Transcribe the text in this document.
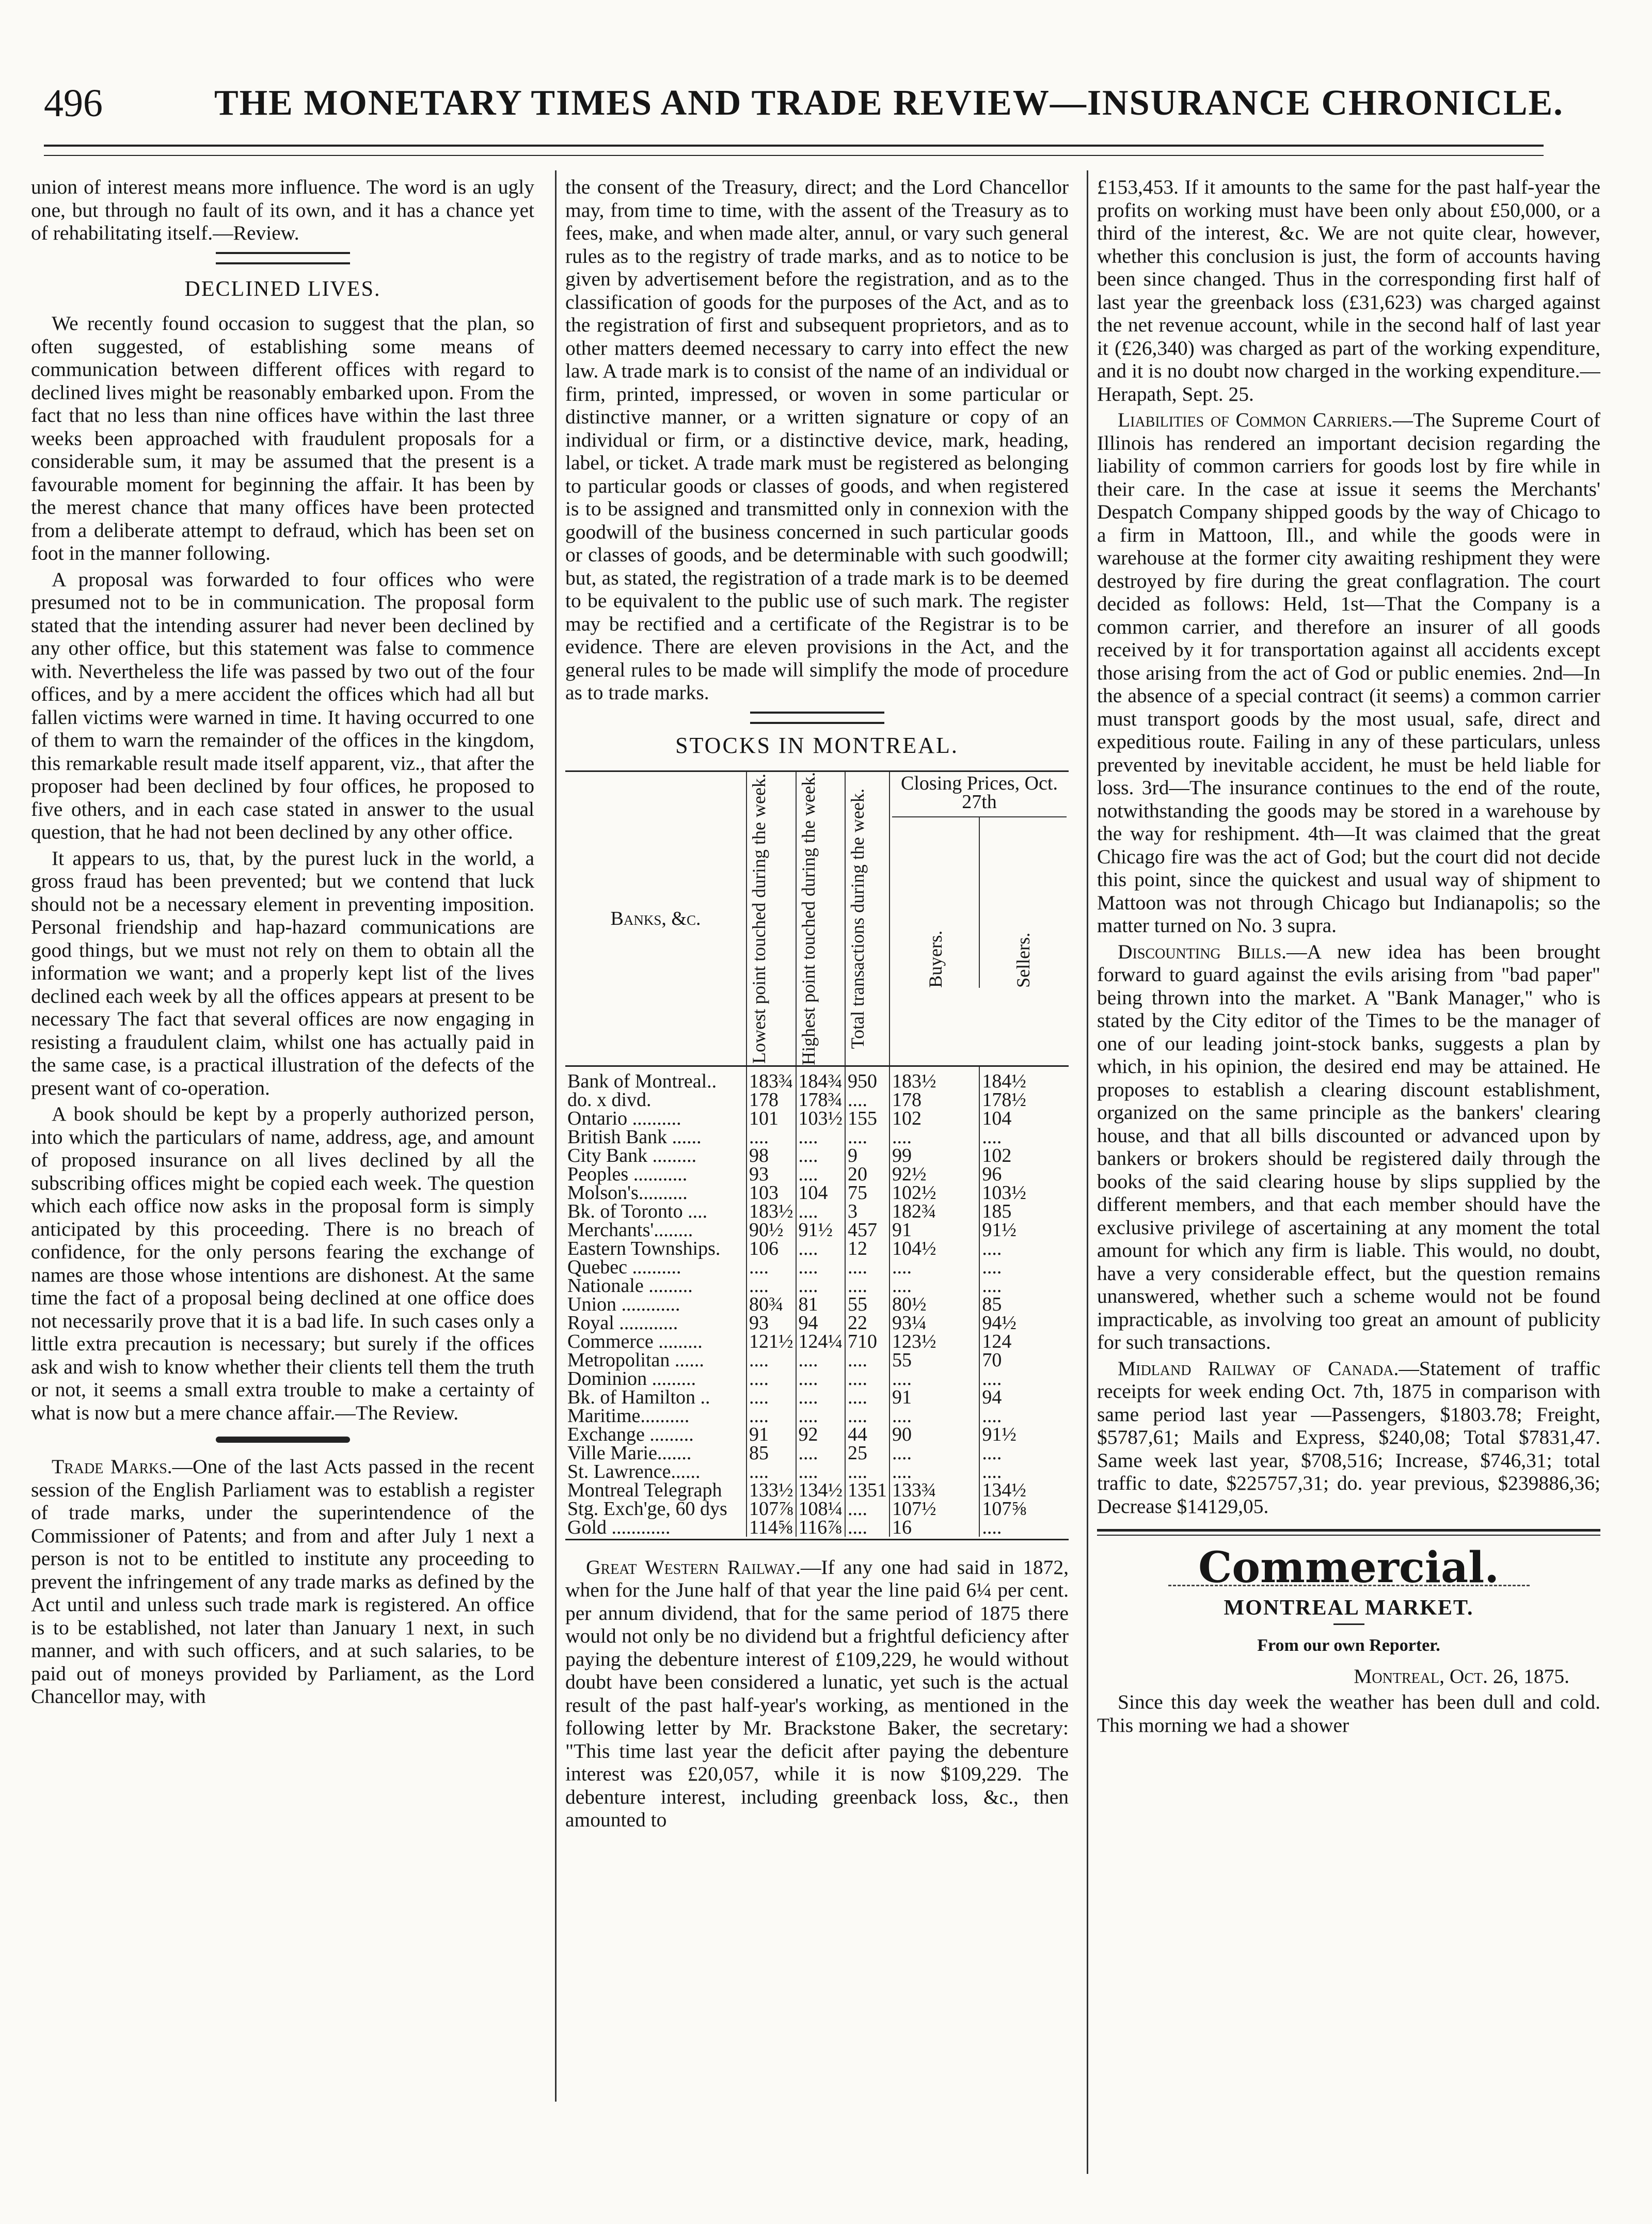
496	THE MONETARY TIMES AND TRADE REVIEW—INSURANCE CHRONICLE.

union of interest means more influence. The word is an ugly one, but through no fault of its own, and it has a chance yet of rehabilitating itself.—Review.

DECLINED LIVES.

We recently found occasion to suggest that the plan, so often suggested, of establishing some means of communication between different offices with regard to declined lives might be reasonably embarked upon. From the fact that no less than nine offices have within the last three weeks been approached with fraudulent proposals for a considerable sum, it may be assumed that the present is a favourable moment for beginning the affair. It has been by the merest chance that many offices have been protected from a deliberate attempt to defraud, which has been set on foot in the manner following.

A proposal was forwarded to four offices who were presumed not to be in communication. The proposal form stated that the intending assurer had never been declined by any other office, but this statement was false to commence with. Nevertheless the life was passed by two out of the four offices, and by a mere accident the offices which had all but fallen victims were warned in time. It having occurred to one of them to warn the remainder of the offices in the kingdom, this remarkable result made itself apparent, viz., that after the proposer had been declined by four offices, he proposed to five others, and in each case stated in answer to the usual question, that he had not been declined by any other office.

It appears to us, that, by the purest luck in the world, a gross fraud has been prevented; but we contend that luck should not be a necessary element in preventing imposition. Personal friendship and hap-hazard communications are good things, but we must not rely on them to obtain all the information we want; and a properly kept list of the lives declined each week by all the offices appears at present to be necessary The fact that several offices are now engaging in resisting a fraudulent claim, whilst one has actually paid in the same case, is a practical illustration of the defects of the present want of co-operation.

A book should be kept by a properly authorized person, into which the particulars of name, address, age, and amount of proposed insurance on all lives declined by all the subscribing offices might be copied each week. The question which each office now asks in the proposal form is simply anticipated by this proceeding. There is no breach of confidence, for the only persons fearing the exchange of names are those whose intentions are dishonest. At the same time the fact of a proposal being declined at one office does not necessarily prove that it is a bad life. In such cases only a little extra precaution is necessary; but surely if the offices ask and wish to know whether their clients tell them the truth or not, it seems a small extra trouble to make a certainty of what is now but a mere chance affair.—The Review.

Trade Marks.—One of the last Acts passed in the recent session of the English Parliament was to establish a register of trade marks, under the superintendence of the Commissioner of Patents; and from and after July 1 next a person is not to be entitled to institute any proceeding to prevent the infringement of any trade marks as defined by the Act until and unless such trade mark is registered. An office is to be established, not later than January 1 next, in such manner, and with such officers, and at such salaries, to be paid out of moneys provided by Parliament, as the Lord Chancellor may, with

the consent of the Treasury, direct; and the Lord Chancellor may, from time to time, with the assent of the Treasury as to fees, make, and when made alter, annul, or vary such general rules as to the registry of trade marks, and as to notice to be given by advertisement before the registration, and as to the classification of goods for the purposes of the Act, and as to the registration of first and subsequent proprietors, and as to other matters deemed necessary to carry into effect the new law. A trade mark is to consist of the name of an individual or firm, printed, impressed, or woven in some particular or distinctive manner, or a written signature or copy of an individual or firm, or a distinctive device, mark, heading, label, or ticket. A trade mark must be registered as belonging to particular goods or classes of goods, and when registered is to be assigned and transmitted only in connexion with the goodwill of the business concerned in such particular goods or classes of goods, and be determinable with such goodwill; but, as stated, the registration of a trade mark is to be deemed to be equivalent to the public use of such mark. The register may be rectified and a certificate of the Registrar is to be evidence. There are eleven provisions in the Act, and the general rules to be made will simplify the mode of procedure as to trade marks.

STOCKS IN MONTREAL.
Banks, &c.	Lowest point touched during the week.	Highest point touched during the week.	Total transactions during the week.	Closing Prices, Oct. 27th
Buyers. Sellers.	

Bank of Montreal..	183¾	184¾	950	183½	184½
do. x divd.	178	178¾	....	178	178½
Ontario ..........	101	103½	155	102	104
British Bank ......	....	....	....	....	....
City Bank .........	98	....	9	99	102
Peoples ...........	93	....	20	92½	96
Molson's..........	103	104	75	102½	103½
Bk. of Toronto ....	183½	....	3	182¾	185
Merchants'........	90½	91½	457	91	91½
Eastern Townships.	106	....	12	104½	....
Quebec ..........	....	....	....	....	....
Nationale .........	....	....	....	....	....
Union ............	80¾	81	55	80½	85
Royal ............	93	94	22	93¼	94½
Commerce .........	121½	124¼	710	123½	124
Metropolitan ......	....	....	....	55	70
Dominion .........	....	....	....	....	....
Bk. of Hamilton ..	....	....	....	91	94
Maritime..........	....	....	....	....	....
Exchange .........	91	92	44	90	91½
Ville Marie.......	85	....	25	....	....
St. Lawrence......	....	....	....	....	....
Montreal Telegraph	133½	134½	1351	133¾	134½
Stg. Exch'ge, 60 dys	107⅞	108¼	....	107½	107⅝
Gold ............	114⅝	116⅞	....	16	....

Great Western Railway.—If any one had said in 1872, when for the June half of that year the line paid 6¼ per cent. per annum dividend, that for the same period of 1875 there would not only be no dividend but a frightful deficiency after paying the debenture interest of £109,229, he would without doubt have been considered a lunatic, yet such is the actual result of the past half-year's working, as mentioned in the following letter by Mr. Brackstone Baker, the secretary: "This time last year the deficit after paying the debenture interest was £20,057, while it is now $109,229. The debenture interest, including greenback loss, &c., then amounted to

£153,453. If it amounts to the same for the past half-year the profits on working must have been only about £50,000, or a third of the interest, &c. We are not quite clear, however, whether this conclusion is just, the form of accounts having been since changed. Thus in the corresponding first half of last year the greenback loss (£31,623) was charged against the net revenue account, while in the second half of last year it (£26,340) was charged as part of the working expenditure, and it is no doubt now charged in the working expenditure.—Herapath, Sept. 25.

Liabilities of Common Carriers.—The Supreme Court of Illinois has rendered an important decision regarding the liability of common carriers for goods lost by fire while in their care. In the case at issue it seems the Merchants' Despatch Company shipped goods by the way of Chicago to a firm in Mattoon, Ill., and while the goods were in warehouse at the former city awaiting reshipment they were destroyed by fire during the great conflagration. The court decided as follows: Held, 1st—That the Company is a common carrier, and therefore an insurer of all goods received by it for transportation against all accidents except those arising from the act of God or public enemies. 2nd—In the absence of a special contract (it seems) a common carrier must transport goods by the most usual, safe, direct and expeditious route. Failing in any of these particulars, unless prevented by inevitable accident, he must be held liable for loss. 3rd—The insurance continues to the end of the route, notwithstanding the goods may be stored in a warehouse by the way for reshipment. 4th—It was claimed that the great Chicago fire was the act of God; but the court did not decide this point, since the quickest and usual way of shipment to Mattoon was not through Chicago but Indianapolis; so the matter turned on No. 3 supra.

Discounting Bills.—A new idea has been brought forward to guard against the evils arising from "bad paper" being thrown into the market. A "Bank Manager," who is stated by the City editor of the Times to be the manager of one of our leading joint-stock banks, suggests a plan by which, in his opinion, the desired end may be attained. He proposes to establish a clearing discount establishment, organized on the same principle as the bankers' clearing house, and that all bills discounted or advanced upon by bankers or brokers should be registered daily through the books of the said clearing house by slips supplied by the different members, and that each member should have the exclusive privilege of ascertaining at any moment the total amount for which any firm is liable. This would, no doubt, have a very considerable effect, but the question remains unanswered, whether such a scheme would not be found impracticable, as involving too great an amount of publicity for such transactions.

Midland Railway of Canada.—Statement of traffic receipts for week ending Oct. 7th, 1875 in comparison with same period last year —Passengers, $1803.78; Freight, $5787,61; Mails and Express, $240,08; Total $7831,47. Same week last year, $708,516; Increase, $746,31; total traffic to date, $225757,31; do. year previous, $239886,36; Decrease $14129,05.

Commercial.
MONTREAL MARKET.
From our own Reporter.
Montreal, Oct. 26, 1875.

Since this day week the weather has been dull and cold. This morning we had a shower
